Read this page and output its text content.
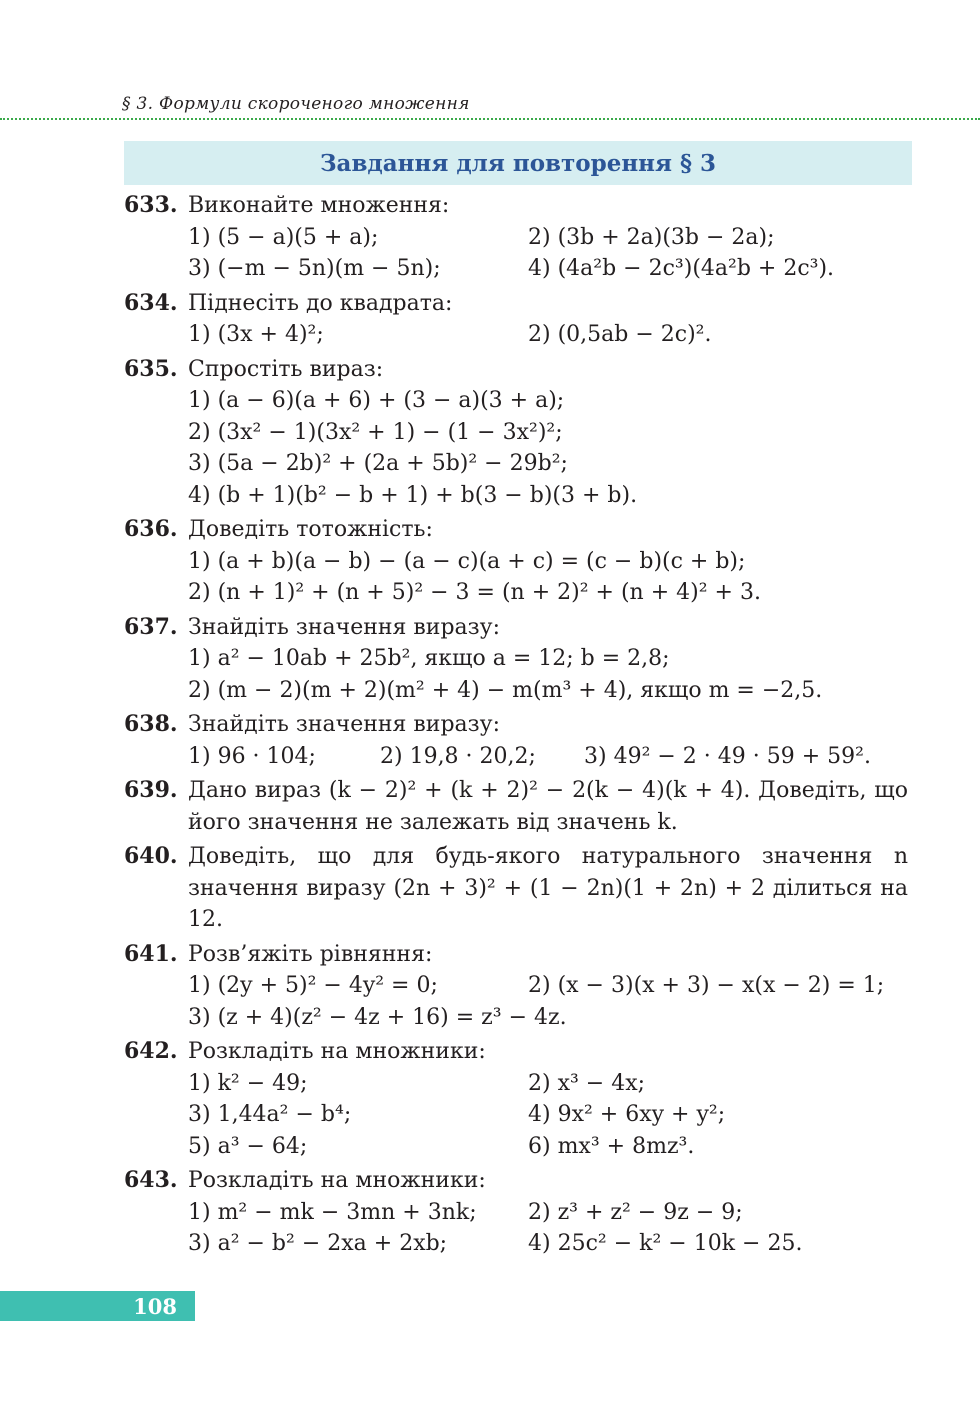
§ 3. Формули скороченого множення
Завдання для повторення § 3
633. Виконайте множення:
1) (5 − a)(5 + a);	2) (3b + 2a)(3b − 2a);
3) (−m − 5n)(m − 5n);	4) (4a²b − 2c³)(4a²b + 2c³).
634. Піднесіть до квадрата:
1) (3x + 4)²;	2) (0,5ab − 2c)².
635. Спростіть вираз:
1) (a − 6)(a + 6) + (3 − a)(3 + a);
2) (3x² − 1)(3x² + 1) − (1 − 3x²)²;
3) (5a − 2b)² + (2a + 5b)² − 29b²;
4) (b + 1)(b² − b + 1) + b(3 − b)(3 + b).
636. Доведіть тотожність:
1) (a + b)(a − b) − (a − c)(a + c) = (c − b)(c + b);
2) (n + 1)² + (n + 5)² − 3 = (n + 2)² + (n + 4)² + 3.
637. Знайдіть значення виразу:
1) a² − 10ab + 25b², якщо a = 12; b = 2,8;
2) (m − 2)(m + 2)(m² + 4) − m(m³ + 4), якщо m = −2,5.
638. Знайдіть значення виразу:
1) 96 · 104;	2) 19,8 · 20,2;	3) 49² − 2 · 49 · 59 + 59².
639. Дано вираз (k − 2)² + (k + 2)² − 2(k − 4)(k + 4). Доведіть, що його значення не залежать від значень k.
640. Доведіть, що для будь-якого натурального значення n значення виразу (2n + 3)² + (1 − 2n)(1 + 2n) + 2 ділиться на 12.
641. Розв’яжіть рівняння:
1) (2y + 5)² − 4y² = 0;	2) (x − 3)(x + 3) − x(x − 2) = 1;
3) (z + 4)(z² − 4z + 16) = z³ − 4z.
642. Розкладіть на множники:
1) k² − 49;	2) x³ − 4x;
3) 1,44a² − b⁴;	4) 9x² + 6xy + y²;
5) a³ − 64;	6) mx³ + 8mz³.
643. Розкладіть на множники:
1) m² − mk − 3mn + 3nk;	2) z³ + z² − 9z − 9;
3) a² − b² − 2xa + 2xb;	4) 25c² − k² − 10k − 25.
108
